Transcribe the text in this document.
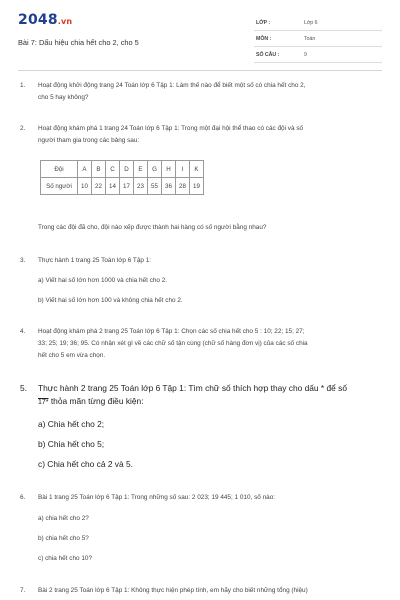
2048.vn
Bài 7: Dấu hiệu chia hết cho 2, cho 5
LỚP :	Lớp 6
MÔN :	Toán
SỐ CÂU :	9
1. Hoạt động khởi động trang 24 Toán lớp 6 Tập 1: Làm thế nào để biết một số có chia hết cho 2,
cho 5 hay không?
2. Hoạt động khám phá 1 trang 24 Toán lớp 6 Tập 1: Trong một đại hội thể thao có các đội và số
người tham gia trong các bảng sau:
Đội	A	B	C	D	E	G	H	I	K
Số người	10	22	14	17	23	55	36	28	19
Trong các đội đã cho, đội nào xếp được thành hai hàng có số người bằng nhau?
3. Thực hành 1 trang 25 Toán lớp 6 Tập 1:
a) Viết hai số lớn hơn 1000 và chia hết cho 2.
b) Viết hai số lớn hơn 100 và không chia hết cho 2.
4. Hoạt động khám phá 2 trang 25 Toán lớp 6 Tập 1: Chọn các số chia hết cho 5 : 10; 22; 15; 27;
33; 25; 19; 36; 95. Có nhận xét gì về các chữ số tận cùng (chữ số hàng đơn vị) của các số chia
hết cho 5 em vừa chọn.
5. Thực hành 2 trang 25 Toán lớp 6 Tập 1: Tìm chữ số thích hợp thay cho dấu * để số
17* thỏa mãn từng điều kiện:
a) Chia hết cho 2;
b) Chia hết cho 5;
c) Chia hết cho cả 2 và 5.
6. Bài 1 trang 25 Toán lớp 6 Tập 1: Trong những số sau: 2 023; 19 445; 1 010, số nào:
a) chia hết cho 2?
b) chia hết cho 5?
c) chia hết cho 10?
7. Bài 2 trang 25 Toán lớp 6 Tập 1: Không thực hiện phép tính, em hãy cho biết những tổng (hiệu)
